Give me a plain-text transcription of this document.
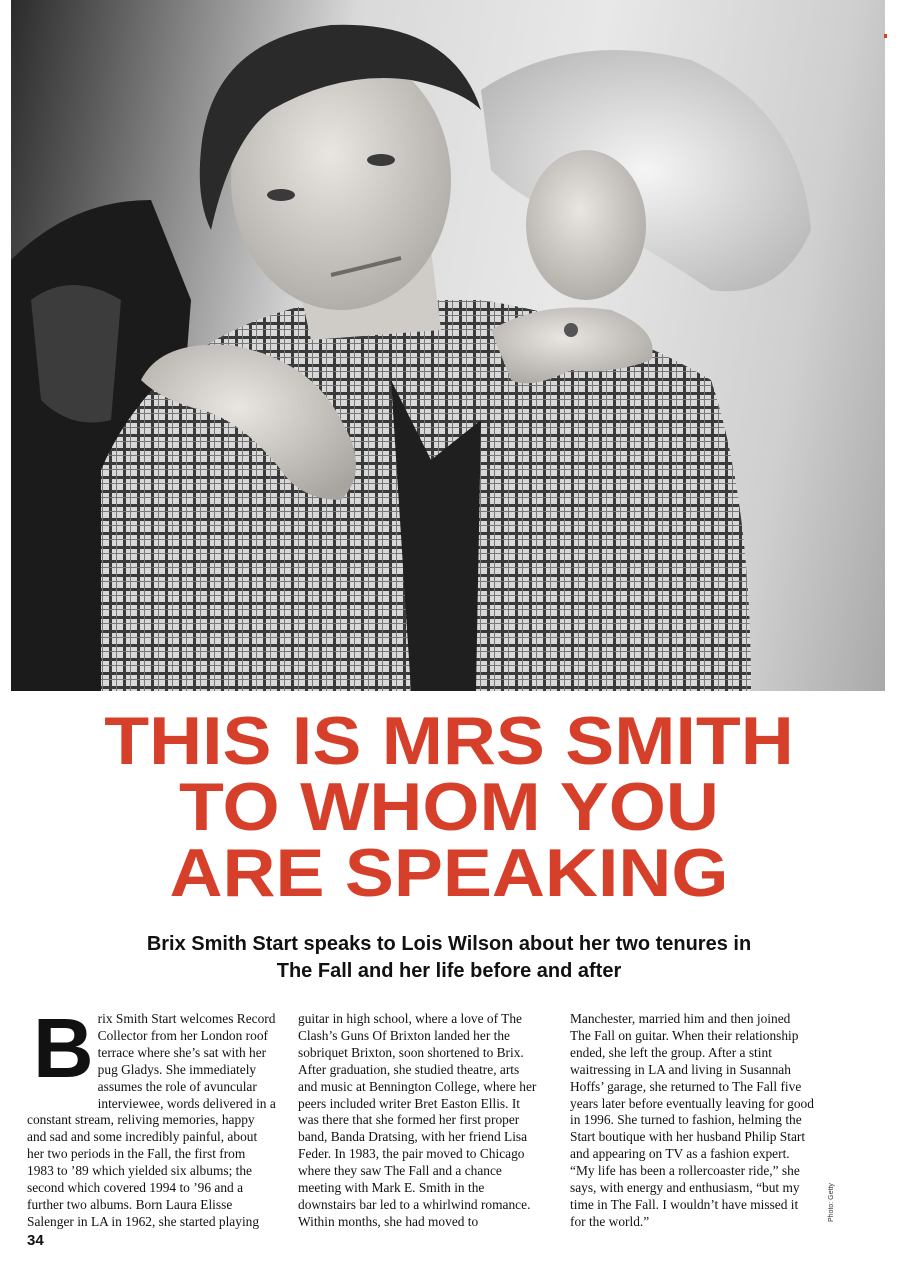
THIS IS MRS SMITH
TO WHOM YOU
ARE SPEAKING
Brix Smith Start speaks to Lois Wilson about her two tenures in
The Fall and her life before and after
B rix Smith Start welcomes Record
Collector from her London roof
terrace where she’s sat with her
pug Gladys. She immediately
assumes the role of avuncular
interviewee, words delivered in a
constant stream, reliving memories, happy
and sad and some incredibly painful, about
her two periods in the Fall, the first from
1983 to ’89 which yielded six albums; the
second which covered 1994 to ’96 and a
further two albums. Born Laura Elisse
Salenger in LA in 1962, she started playing
guitar in high school, where a love of The
Clash’s Guns Of Brixton landed her the
sobriquet Brixton, soon shortened to Brix.
After graduation, she studied theatre, arts
and music at Bennington College, where her
peers included writer Bret Easton Ellis. It
was there that she formed her first proper
band, Banda Dratsing, with her friend Lisa
Feder. In 1983, the pair moved to Chicago
where they saw The Fall and a chance
meeting with Mark E. Smith in the
downstairs bar led to a whirlwind romance.
Within months, she had moved to
Manchester, married him and then joined
The Fall on guitar. When their relationship
ended, she left the group. After a stint
waitressing in LA and living in Susannah
Hoffs’ garage, she returned to The Fall five
years later before eventually leaving for good
in 1996. She turned to fashion, helming the
Start boutique with her husband Philip Start
and appearing on TV as a fashion expert.
“My life has been a rollercoaster ride,” she
says, with energy and enthusiasm, “but my
time in The Fall. I wouldn’t have missed it
for the world.”	Photo: Getty
34
